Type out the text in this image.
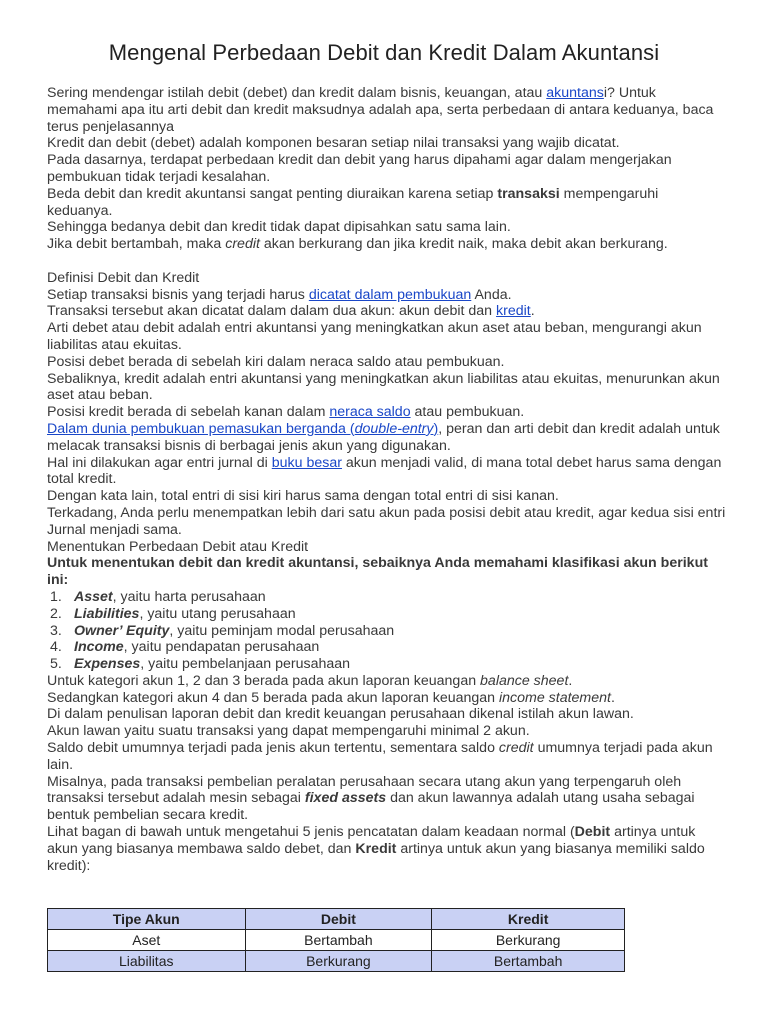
Mengenal Perbedaan Debit dan Kredit Dalam Akuntansi

Sering mendengar istilah debit (debet) dan kredit dalam bisnis, keuangan, atau akuntansi? Untuk memahami apa itu arti debit dan kredit maksudnya adalah apa, serta perbedaan di antara keduanya, baca terus penjelasannya

Kredit dan debit (debet) adalah komponen besaran setiap nilai transaksi yang wajib dicatat.

Pada dasarnya, terdapat perbedaan kredit dan debit yang harus dipahami agar dalam mengerjakan pembukuan tidak terjadi kesalahan.

Beda debit dan kredit akuntansi sangat penting diuraikan karena setiap transaksi mempengaruhi keduanya.

Sehingga bedanya debit dan kredit tidak dapat dipisahkan satu sama lain.

Jika debit bertambah, maka credit akan berkurang dan jika kredit naik, maka debit akan berkurang.

Definisi Debit dan Kredit

Setiap transaksi bisnis yang terjadi harus dicatat dalam pembukuan Anda.

Transaksi tersebut akan dicatat dalam dalam dua akun: akun debit dan kredit.

Arti debet atau debit adalah entri akuntansi yang meningkatkan akun aset atau beban, mengurangi akun liabilitas atau ekuitas.

Posisi debet berada di sebelah kiri dalam neraca saldo atau pembukuan.

Sebaliknya, kredit adalah entri akuntansi yang meningkatkan akun liabilitas atau ekuitas, menurunkan akun aset atau beban.

Posisi kredit berada di sebelah kanan dalam neraca saldo atau pembukuan.

Dalam dunia pembukuan pemasukan berganda (double-entry), peran dan arti debit dan kredit adalah untuk melacak transaksi bisnis di berbagai jenis akun yang digunakan.

Hal ini dilakukan agar entri jurnal di buku besar akun menjadi valid, di mana total debet harus sama dengan total kredit.

Dengan kata lain, total entri di sisi kiri harus sama dengan total entri di sisi kanan.

Terkadang, Anda perlu menempatkan lebih dari satu akun pada posisi debit atau kredit, agar kedua sisi entri Jurnal menjadi sama.

Menentukan Perbedaan Debit atau Kredit

Untuk menentukan debit dan kredit akuntansi, sebaiknya Anda memahami klasifikasi akun berikut ini:

1. Asset, yaitu harta perusahaan
2. Liabilities, yaitu utang perusahaan
3. Owner’ Equity, yaitu peminjam modal perusahaan
4. Income, yaitu pendapatan perusahaan
5. Expenses, yaitu pembelanjaan perusahaan

Untuk kategori akun 1, 2 dan 3 berada pada akun laporan keuangan balance sheet.

Sedangkan kategori akun 4 dan 5 berada pada akun laporan keuangan income statement.

Di dalam penulisan laporan debit dan kredit keuangan perusahaan dikenal istilah akun lawan.

Akun lawan yaitu suatu transaksi yang dapat mempengaruhi minimal 2 akun.

Saldo debit umumnya terjadi pada jenis akun tertentu, sementara saldo credit umumnya terjadi pada akun lain.

Misalnya, pada transaksi pembelian peralatan perusahaan secara utang akun yang terpengaruh oleh transaksi tersebut adalah mesin sebagai fixed assets dan akun lawannya adalah utang usaha sebagai bentuk pembelian secara kredit.

Lihat bagan di bawah untuk mengetahui 5 jenis pencatatan dalam keadaan normal (Debit artinya untuk akun yang biasanya membawa saldo debet, dan Kredit artinya untuk akun yang biasanya memiliki saldo kredit):

Tipe Akun	Debit	Kredit
Aset	Bertambah	Berkurang
Liabilitas	Berkurang	Bertambah
